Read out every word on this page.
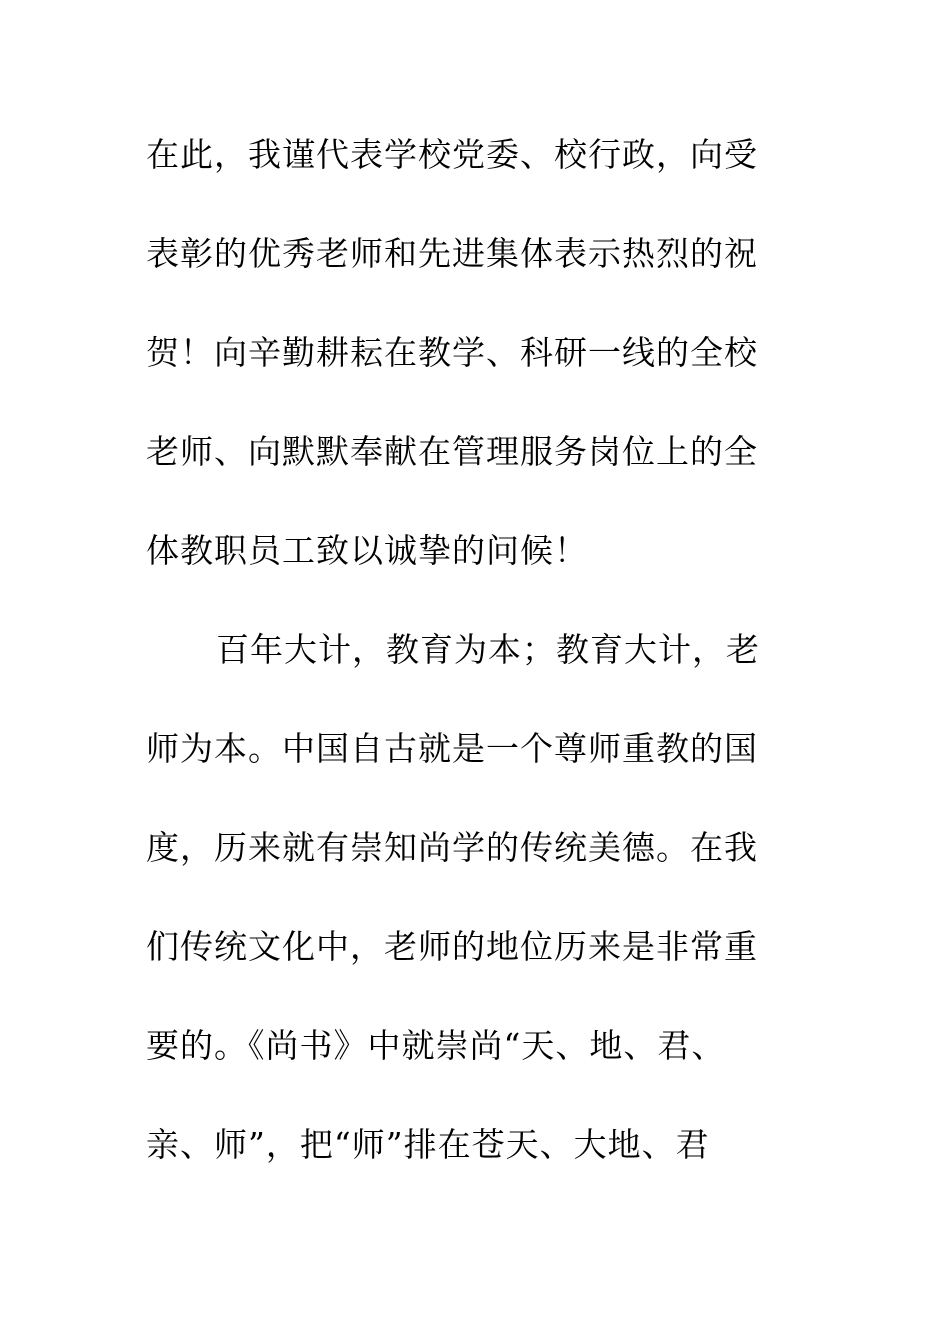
在此，我谨代表学校党委、校行政，向受
表彰的优秀老师和先进集体表示热烈的祝
贺！向辛勤耕耘在教学、科研一线的全校
老师、向默默奉献在管理服务岗位上的全
体教职员工致以诚挚的问候！
百年大计，教育为本；教育大计，老
师为本。中国自古就是一个尊师重教的国
度，历来就有崇知尚学的传统美德。在我
们传统文化中，老师的地位历来是非常重
要的。《尚书》中就崇尚“天、地、君、
亲、师”，把“师”排在苍天、大地、君
